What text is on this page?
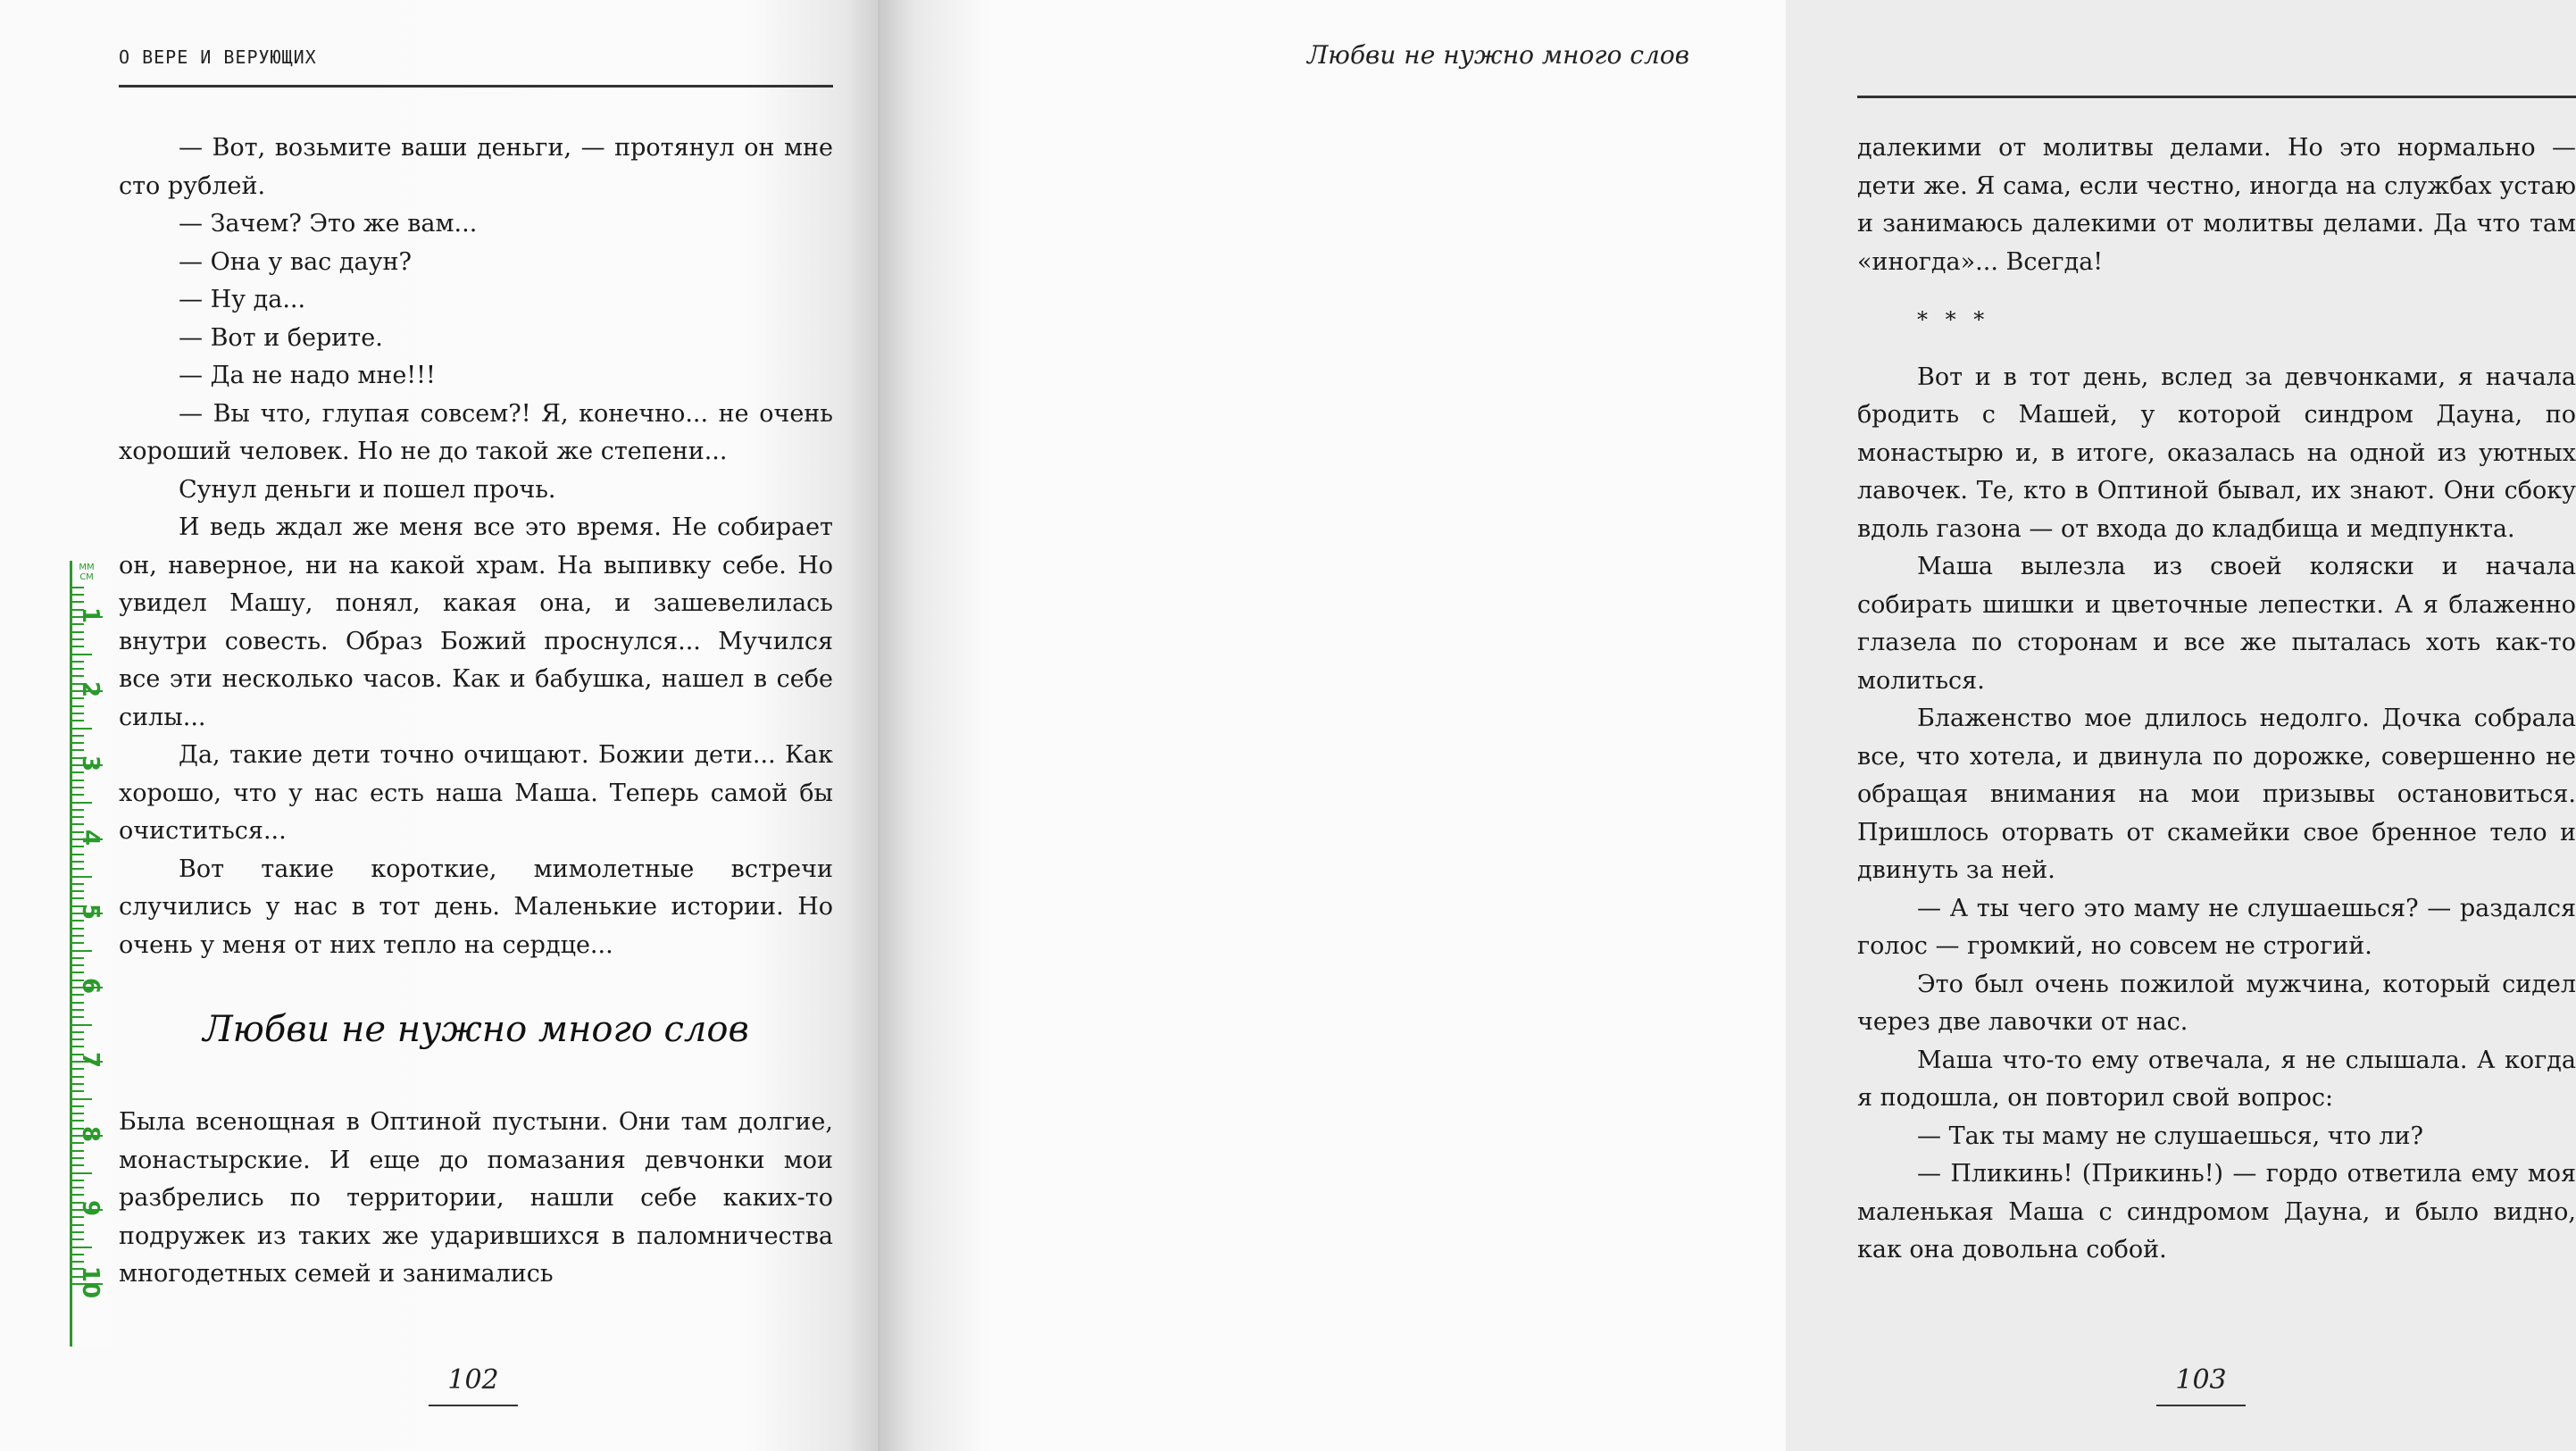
О ВЕРЕ И ВЕРУЮЩИХ

— Вот, возьмите ваши деньги, — протянул он мне сто рублей.

— Зачем? Это же вам...

— Она у вас даун?

— Ну да...

— Вот и берите.

— Да не надо мне!!!

— Вы что, глупая совсем?! Я, конечно... не очень хороший человек. Но не до такой же степени...

Сунул деньги и пошел прочь.

И ведь ждал же меня все это время. Не собирает он, наверное, ни на какой храм. На выпивку себе. Но увидел Машу, понял, какая она, и зашевелилась внутри совесть. Образ Божий проснулся... Мучился все эти несколько часов. Как и бабушка, нашел в себе силы...

Да, такие дети точно очищают. Божии дети... Как хорошо, что у нас есть наша Маша. Теперь самой бы очиститься...

Вот такие короткие, мимолетные встречи случились у нас в тот день. Маленькие истории. Но очень у меня от них тепло на сердце...

Любви не нужно много слов

Была всенощная в Оптиной пустыни. Они там долгие, монастырские. И еще до помазания девчонки мои разбрелись по территории, нашли себе каких-то подружек из таких же ударившихся в паломничества многодетных семей и занимались

102
ММ СМ
1
2
3
4
5
6
7
8
9
10
Любви не нужно много слов

далекими от молитвы делами. Но это нормально — дети же. Я сама, если честно, иногда на службах устаю и занимаюсь далекими от молитвы делами. Да что там «иногда»... Всегда!

* * *

Вот и в тот день, вслед за девчонками, я начала бродить с Машей, у которой синдром Дауна, по монастырю и, в итоге, оказалась на одной из уютных лавочек. Те, кто в Оптиной бывал, их знают. Они сбоку вдоль газона — от входа до кладбища и медпункта.

Маша вылезла из своей коляски и начала собирать шишки и цветочные лепестки. А я блаженно глазела по сторонам и все же пыталась хоть как-то молиться.

Блаженство мое длилось недолго. Дочка собрала все, что хотела, и двинула по дорожке, совершенно не обращая внимания на мои призывы остановиться. Пришлось оторвать от скамейки свое бренное тело и двинуть за ней.

— А ты чего это маму не слушаешься? — раздался голос — громкий, но совсем не строгий.

Это был очень пожилой мужчина, который сидел через две лавочки от нас.

Маша что-то ему отвечала, я не слышала. А когда я подошла, он повторил свой вопрос:

— Так ты маму не слушаешься, что ли?

— Пликинь! (Прикинь!) — гордо ответила ему моя маленькая Маша с синдромом Дауна, и было видно, как она довольна собой.

103
